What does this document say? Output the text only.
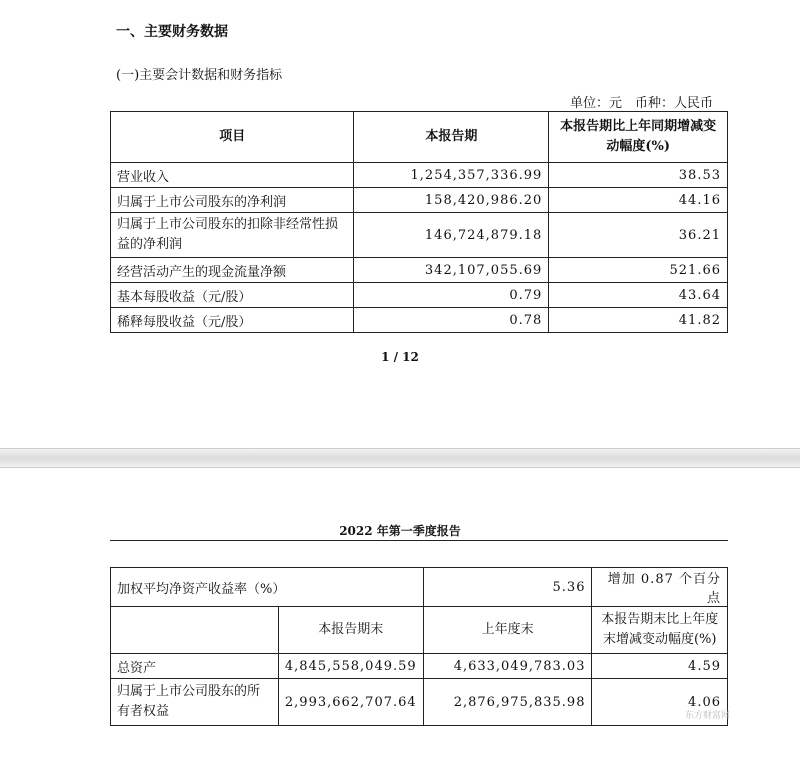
一、主要财务数据
(一)主要会计数据和财务指标
单位：元　币种：人民币
项目	本报告期	本报告期比上年同期增减变动幅度(%)
营业收入	1,254,357,336.99	38.53
归属于上市公司股东的净利润	158,420,986.20	44.16
归属于上市公司股东的扣除非经常性损益的净利润	146,724,879.18	36.21
经营活动产生的现金流量净额	342,107,055.69	521.66
基本每股收益（元/股）	0.79	43.64
稀释每股收益（元/股）	0.78	41.82
1 / 12
2022 年第一季度报告
加权平均净资产收益率（%）		5.36	增加 0.87 个百分点
	本报告期末	上年度末	本报告期末比上年度末增减变动幅度(%)
总资产	4,845,558,049.59	4,633,049,783.03	4.59
归属于上市公司股东的所有者权益	2,993,662,707.64	2,876,975,835.98	4.06
东方财富网
